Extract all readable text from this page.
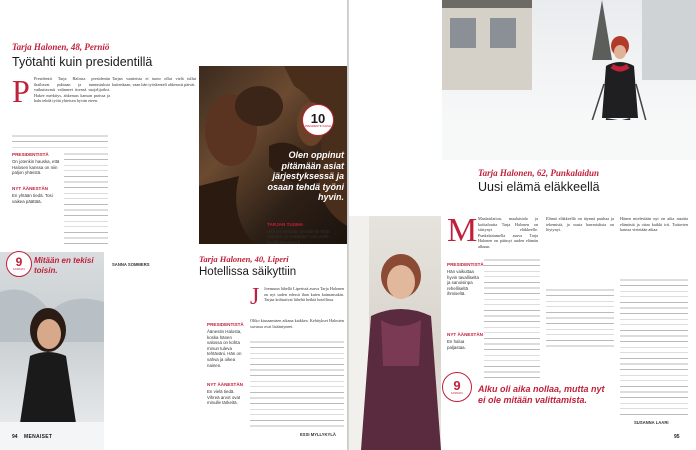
Tarja Halonen, 48, Perniö
Työtahti kuin presidentillä
P Presidentti Tarja Halosta presidentin ihailtavat puhtaan ja tunnustuksia vaikuttavasti valinneet itsensä suojelijoiksi. Hakee merkitys, ahkeruus kansan parissa ja halu tehdä työtä yhteisen hyvän eteen.
Tarjan vaatteista ei tunto ollut vielä tullut kuitenkaan, vaan hän työskenteli ahkerasti päivät.
PRESIDENTISTÄ
On jotenkin hauska, että Halosen kanssa on niin paljon yhteistä.
NYT ÄÄNESTÄN
En yhtään tiedä. Tosi vaikea päättää.
SANNA SOMMERS
10
PRESIDENTIN KAIMA
Olen oppinut pitämään asiat järjestyksessä ja osaan tehdä työni hyvin.
TARJAN TUUMA
Mitä jos minkään presidentti Tarja Halosen 12 vuodesta? Luin 2000-luvulla Menaiset.fi
9
KAIMASTA
Mitään en tekisi toisin.
Tarja Halonen, 40, Liperi
Hotellissa säikyttiin
PRESIDENTISTÄ
Äänestin Halosta, koska hänen valossa on kohta minun tuleva tehtäväni. Hän on vahva ja oikea nainen.
NYT ÄÄNESTÄN
En vielä tiedä. Vihreä arvot ovat minulle tärkeitä.
J Joensuun lähellä Liperissä asuva Tarja Halonen on nyt suden edessä ihan kuten kaimansakin. Tarjaa kohtasivat läheltä hetkiä hotellissa.
Oliko kiusaamisen aikana kaikkea. Kehitykset Halosten suvussa ovat lisääntyneet.
94 MENAISET	ESSI MYLLYKYLÄ
Tarja Halonen, 62, Punkalaidun
Uusi elämä eläkkeellä
M Maalaislaiton, maalaistalo ja kotitaloutta Tarja Halonen on siirtynyt eläkkeelle. Punkalaitumella asuva Tarja Halonen on päässyt uuden elämän alkuun.
PRESIDENTISTÄ
Hän vaikuttaa hyvin tavalliselta ja sanoisinpa rehelliseltä ihmiseltä.
NYT ÄÄNESTÄN
En halua paljastaa.
Elämä eläkkeellä on täynnä puuhaa ja tekemistä, ja uusia harrastuksia on löytynyt.
Hänen mielestään nyt on aika nauttia elämästä ja ottaa kaikki irti. Tuttavien kanssa vietetään aikaa.
9
KAIMASTA Alku oli aika nollaa, mutta nyt ei ole mitään valittamista.
SUSANNA LAARI
95
